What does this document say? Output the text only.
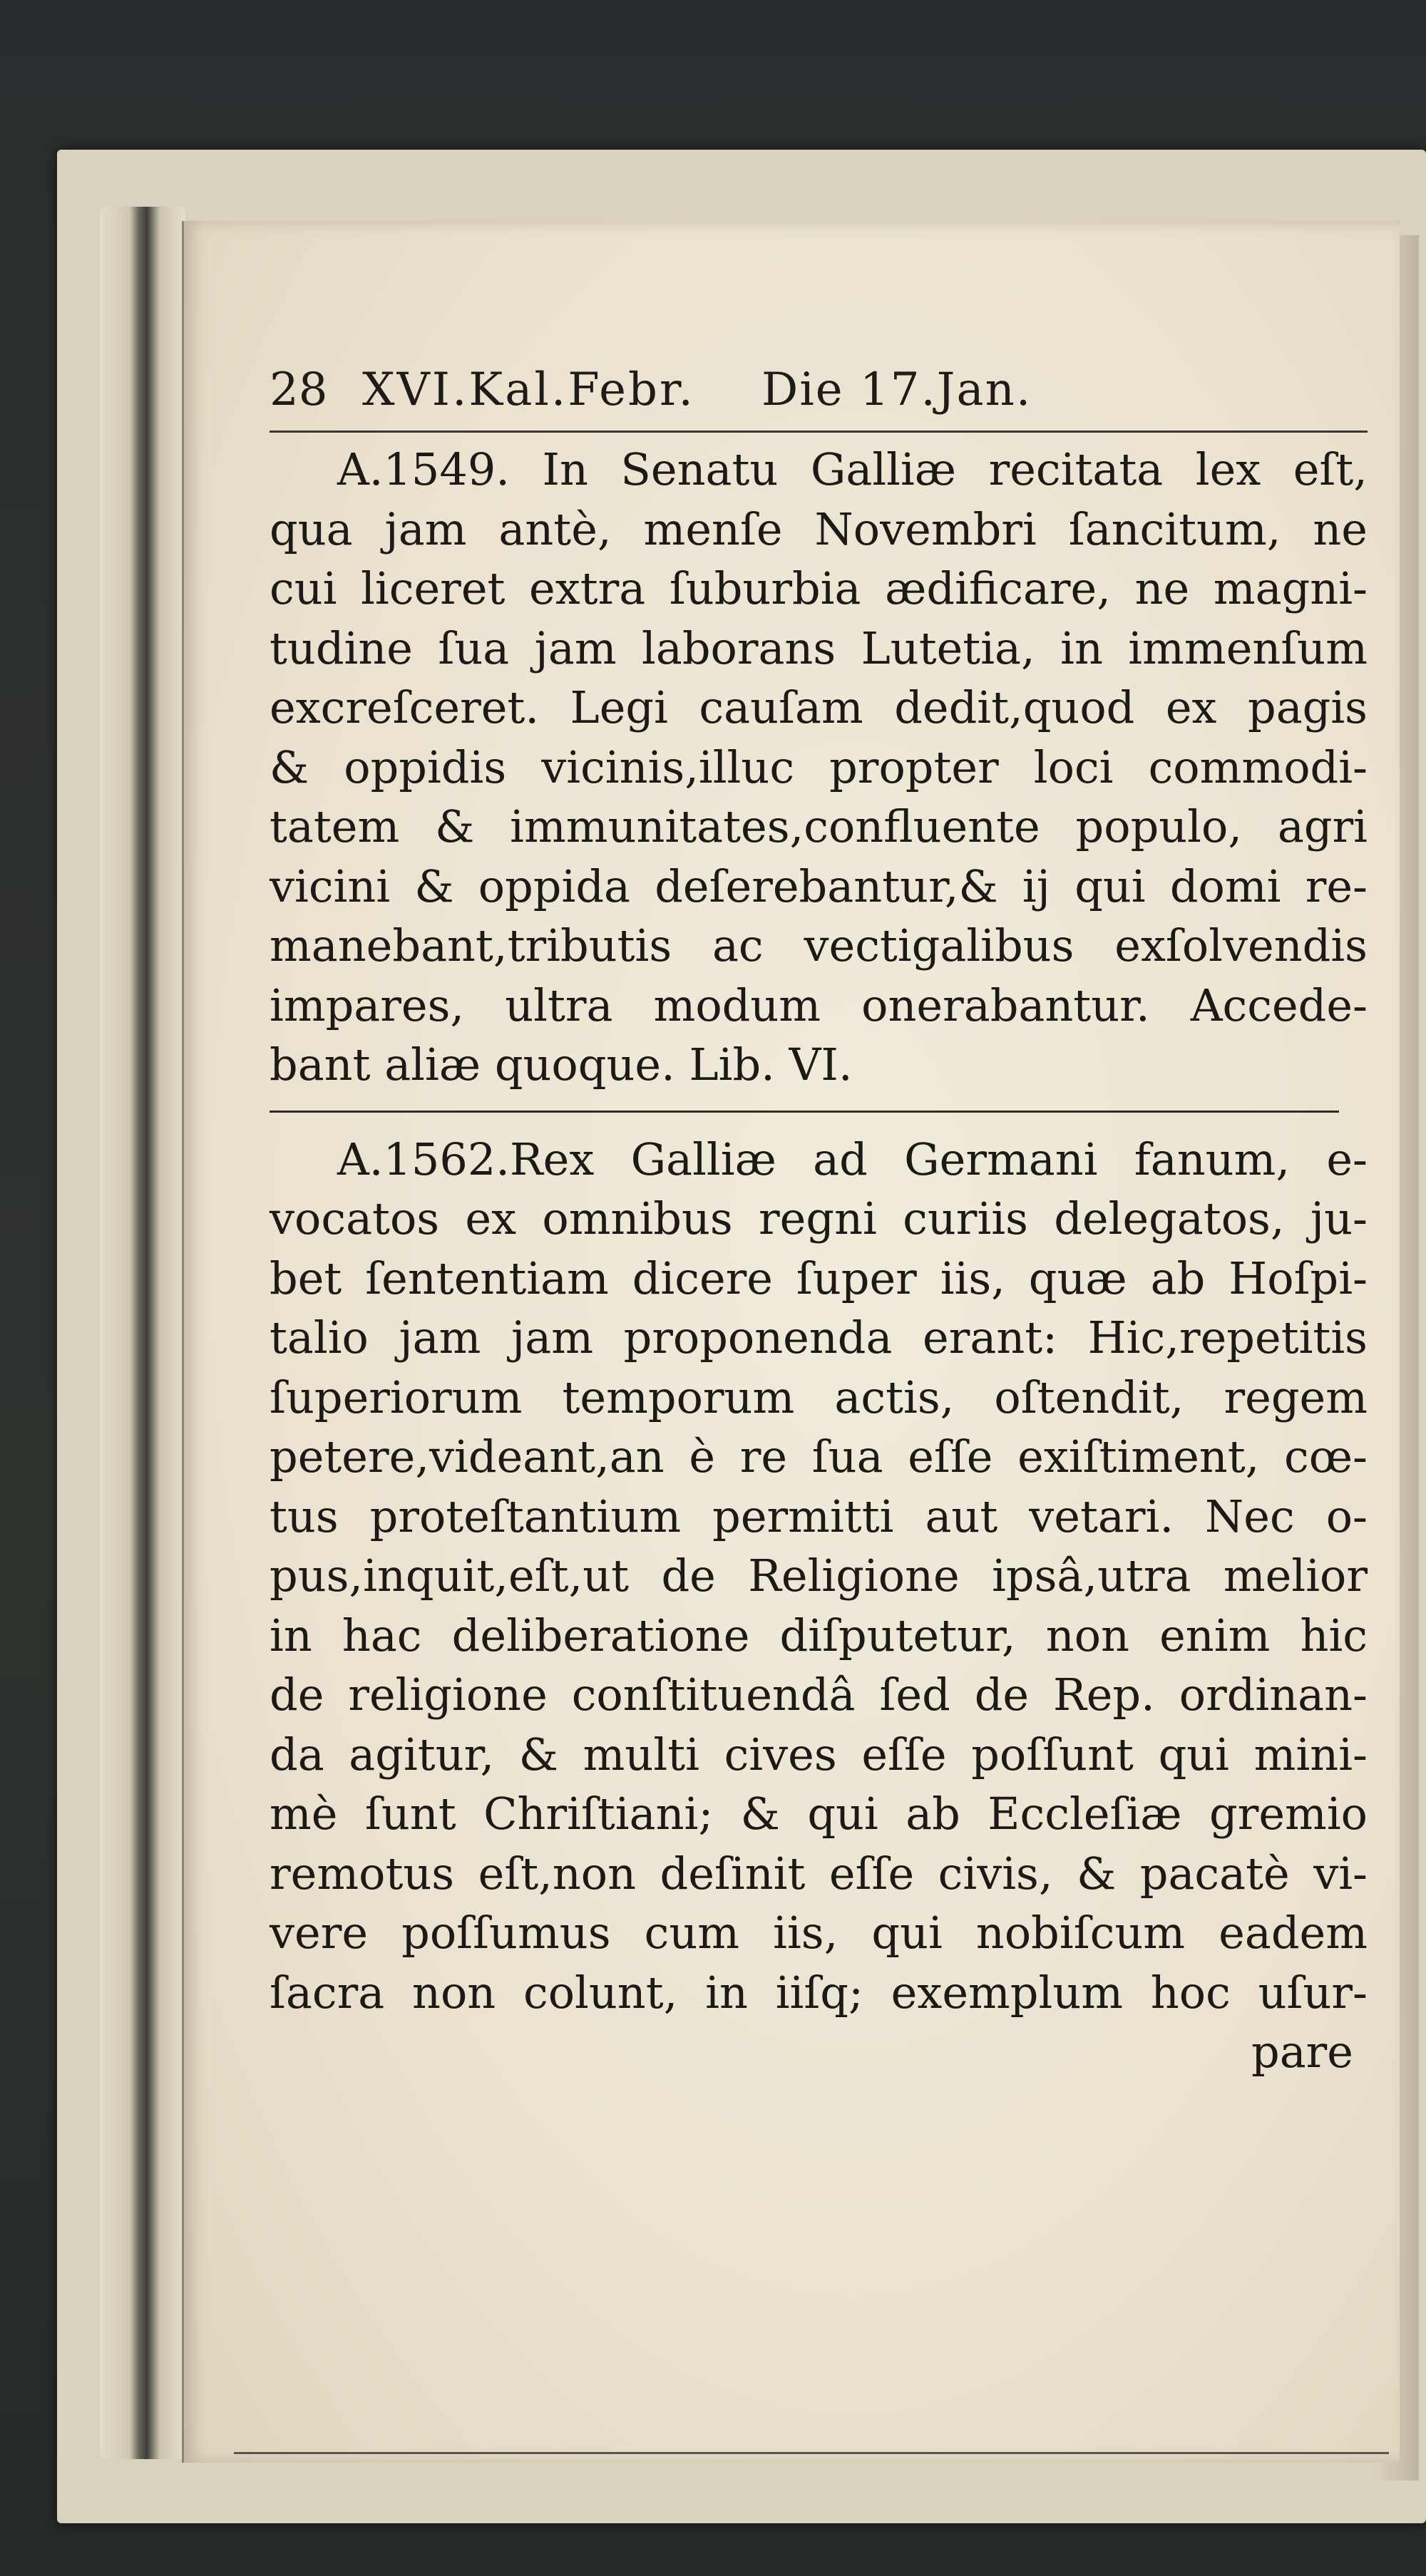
28 XVI.Kal.Febr.	Die 17.Jan.
A.1549. In Senatu Galliæ recitata lex eſt,
qua jam antè, menſe Novembri ſancitum, ne
cui liceret extra ſuburbia ædificare, ne magni-
tudine ſua jam laborans Lutetia, in immenſum
excreſceret. Legi cauſam dedit,quod ex pagis
& oppidis vicinis,illuc propter loci commodi-
tatem & immunitates,confluente populo, agri
vicini & oppida deſerebantur,& ij qui domi re-
manebant,tributis ac vectigalibus exſolvendis
impares, ultra modum onerabantur. Accede-
bant aliæ quoque. Lib. VI.
A.1562.Rex Galliæ ad Germani fanum, e-
vocatos ex omnibus regni curiis delegatos, ju-
bet ſententiam dicere ſuper iis, quæ ab Hoſpi-
talio jam jam proponenda erant: Hic,repetitis
ſuperiorum temporum actis, oſtendit, regem
petere,videant,an è re ſua eſſe exiſtiment, cœ-
tus proteſtantium permitti aut vetari. Nec o-
pus,inquit,eſt,ut de Religione ipsâ,utra melior
in hac deliberatione diſputetur, non enim hic
de religione conſtituendâ ſed de Rep. ordinan-
da agitur, & multi cives eſſe poſſunt qui mini-
mè ſunt Chriſtiani; & qui ab Eccleſiæ gremio
remotus eſt,non deſinit eſſe civis, & pacatè vi-
vere poſſumus cum iis, qui nobiſcum eadem
ſacra non colunt, in iiſq; exemplum hoc uſur-
pare
